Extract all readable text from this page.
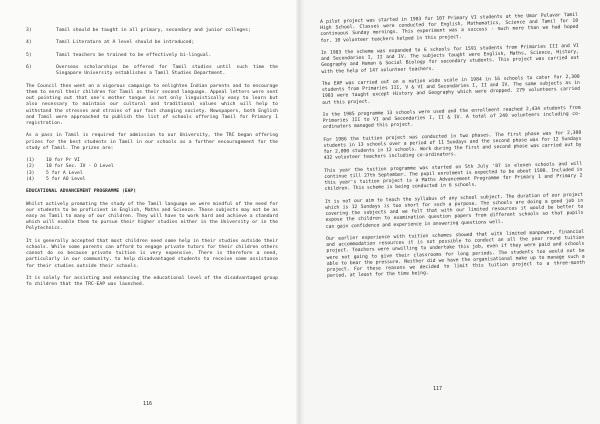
3)	Tamil should be taught in all primary, secondary and junior colleges;
4)	Tamil Literature at A level should be introduced;
5)	Tamil teachers be trained to be effectively bi-lingual.
6)	Overseas scholarships be offered for Tamil studies until such time the Singapore University establishes a Tamil Studies Department.

The Council then went on a vigorous campaign to enlighten Indian parents and to encourage them to enrol their children for Tamil as their second language. Appeal letters were sent out pointing out that one's mother tongue is not only linguistically easy to learn but also necessary to maintain our cultural and traditional values which will help to withstand the stresses and strains of our fast changing society. Newspapers, both English and Tamil were approached to publish the list of schools offering Tamil for Primary 1 registration.

As a pass in Tamil is required for admission to our University, the TRC began offering prizes for the best students in Tamil in our schools as a further encouragement for the study of Tamil. The prizes are:

(1)	10 for Pr VI
(2)	10 for Sec. IV - O Level
(3)	5 for A Level
(4)	5 for AO Level
EDUCATIONAL ADVANCEMENT PROGRAMME (EAP)

Whilst actively promoting the study of the Tamil language we were mindful of the need for our students to be proficient in English, Maths and Science. These subjects may not be as easy as Tamil to many of our children. They will have to work hard and achieve a standard which will enable them to pursue their higher studies either in the University or in the Polytechnics.

It is generally accepted that most children need some help in their studies outside their schools. While some parents can afford to engage private tutors for their children others cannot do so because private tuition is very expensive. There is therefore a need, particularly in our community, to help disadvantaged students to receive some assistance for their studies outside their schools.

It is solely for assisting and enhancing the educational level of the disadvantaged group fo children that the TRC-EAP was launched.

116

A pilot project was started in 1983 for 107 Primary VI students at the Umar Pulavar Tamil High School. Classes were conducted for English, Mathematics, Science and Tamil for 10 continuous Sunday mornings. This experiment was a success - much more than we had hoped for. 10 volunteer teachers helped in this project.

In 1983 the scheme was expanded to 6 schools for 1591 students from Primaries III and VI and Secondaries I, II and IV. The subjects taught were English, Maths, Science, History, Geography and Human & Social Biology for secondary students. This project was carried out with the help of 147 volunteer teachers.

The EAP was carried out on a nation wide scale in 1984 in 16 schools to cater for 2,300 students from Primaries III, V & VI and Secondaries I, II and IV. The same subjects as in 1983 were taught except History and Geography which were dropped. 279 volunteers carried out this project.

In the 1985 programme 13 schools were used and the enrollment reached 2,434 students from Primaries III to VI and Secondaries I, II & IV. A total of 249 volunteers including co-ordinators managed this project.

For 1986 the tuition project was conducted in two phases. The first phase was for 2,300 students in 13 schools over a period of 11 Sundays and the second phase was for 12 Sundays for 2,000 students in 12 schools. Work during the first and second phase was carried out by 432 volunteer teachers including co-ordinators.

This year the tuition programme was started on 5th July '87 in eleven schools and will continue till 27th September. The pupil enrolment is expected to be about 1500. Included in this year's tuition project is a Maths Advancement Programme for Primary 1 and Primary 2 children. This scheme is being conducted in 6 schools.

It is not our aim to teach the syllabus of any school subject. The duration of our project which is 12 Sundays is too short for such a purpose. The schools are doing a good job in covering the subjects and we felt that with our limited resources it would be better to expose the children to examination question papers from different schools so that pupils can gain confidence and experience in answering questions well.

Our earlier experience with tuition schemes showed that with limited manpower, financial and accommodation resources it is not possible to conduct an all the year round tuition project. Teachers were unwilling to undertake this job, even if they were paid and schools were not going to give their classrooms for long periods. The students too would not be able to bear the pressure. Neither did we have the organisational make up to manage such a project. For these reasons we decided to limit this tuition project to a three-month period, at least for the time being.

117
